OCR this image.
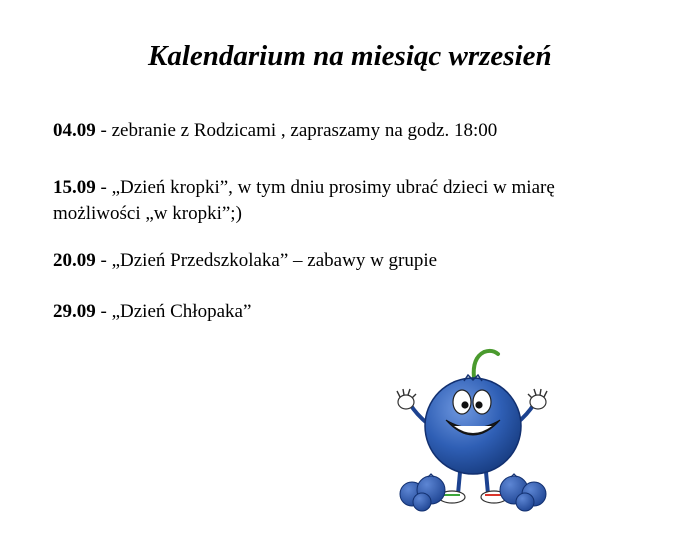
Kalendarium na miesiąc wrzesień

04.09 - zebranie z Rodzicami , zapraszamy na godz. 18:00

15.09 - „Dzień kropki”, w tym dniu prosimy ubrać dzieci w miarę
możliwości „w kropki”;)

20.09 - „Dzień Przedszkolaka” – zabawy w grupie

29.09 - „Dzień Chłopaka”
